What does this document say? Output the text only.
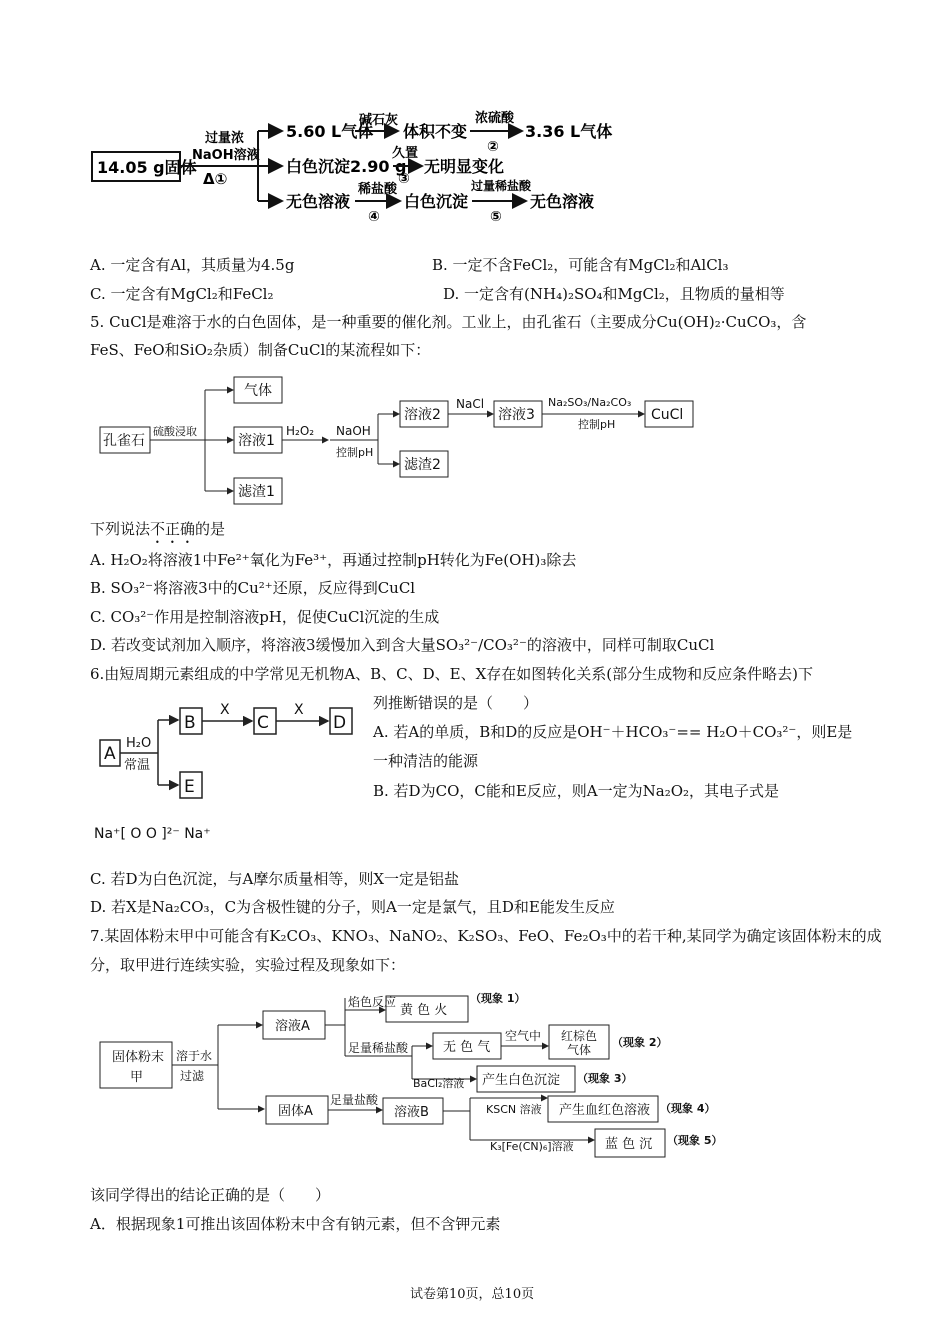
14.05 g固体
过量浓
NaOH溶液
Δ①
5.60 L气体
碱石灰
体积不变
浓硫酸
②
3.36 L气体
白色沉淀2.90 g
久置
③
无明显变化
无色溶液
稀盐酸
④
白色沉淀
过量稀盐酸
⑤
无色溶液
A. 一定含有Al，其质量为4.5g	B. 一定不含FeCl₂，可能含有MgCl₂和AlCl₃
C. 一定含有MgCl₂和FeCl₂	D. 一定含有(NH₄)₂SO₄和MgCl₂，且物质的量相等
5. CuCl是难溶于水的白色固体，是一种重要的催化剂。工业上，由孔雀石（主要成分Cu(OH)₂·CuCO₃，含
FeS、FeO和SiO₂杂质）制备CuCl的某流程如下：
孔雀石
硫酸浸取
气体
溶液1
滤渣1
H₂O₂ NaOH
控制pH
溶液2
滤渣2
NaCl
溶液3
Na₂SO₃/Na₂CO₃
控制pH
CuCl
下列说法不正确的是
A. H₂O₂将溶液1中Fe²⁺氧化为Fe³⁺，再通过控制pH转化为Fe(OH)₃除去
B. SO₃²⁻将溶液3中的Cu²⁺还原，反应得到CuCl
C. CO₃²⁻作用是控制溶液pH，促使CuCl沉淀的生成
D. 若改变试剂加入顺序，将溶液3缓慢加入到含大量SO₃²⁻/CO₃²⁻的溶液中，同样可制取CuCl
6.由短周期元素组成的中学常见无机物A、B、C、D、E、X存在如图转化关系(部分生成物和反应条件略去)下
列推断错误的是（　　）
A
H₂O
常温
B
E
X
C
X
D A. 若A的单质，B和D的反应是OH⁻＋HCO₃⁻== H₂O＋CO₃²⁻，则E是
一种清洁的能源
B. 若D为CO，C能和E反应，则A一定为Na₂O₂，其电子式是
Na⁺[ O O ]²⁻ Na⁺
C. 若D为白色沉淀，与A摩尔质量相等，则X一定是铝盐
D. 若X是Na₂CO₃，C为含极性键的分子，则A一定是氯气，且D和E能发生反应
7.某固体粉末甲中可能含有K₂CO₃、KNO₃、NaNO₂、K₂SO₃、FeO、Fe₂O₃中的若干种,某同学为确定该固体粉末的成
分，取甲进行连续实验，实验过程及现象如下：
固体粉末
甲
溶于水
过滤
溶液A
焰色反应
黄 色 火
（现象 1）
足量稀盐酸	无 色 气
空气中 红棕色
气体
（现象 2）
BaCl₂溶液 产生白色沉淀 （现象 3）
固体A
足量盐酸
溶液B	KSCN 溶液 产生血红色溶液 （现象 4）
K₃[Fe(CN)₆]溶液 蓝 色 沉 （现象 5）
该同学得出的结论正确的是（　　）
A．根据现象1可推出该固体粉末中含有钠元素，但不含钾元素
试卷第10页，总10页
